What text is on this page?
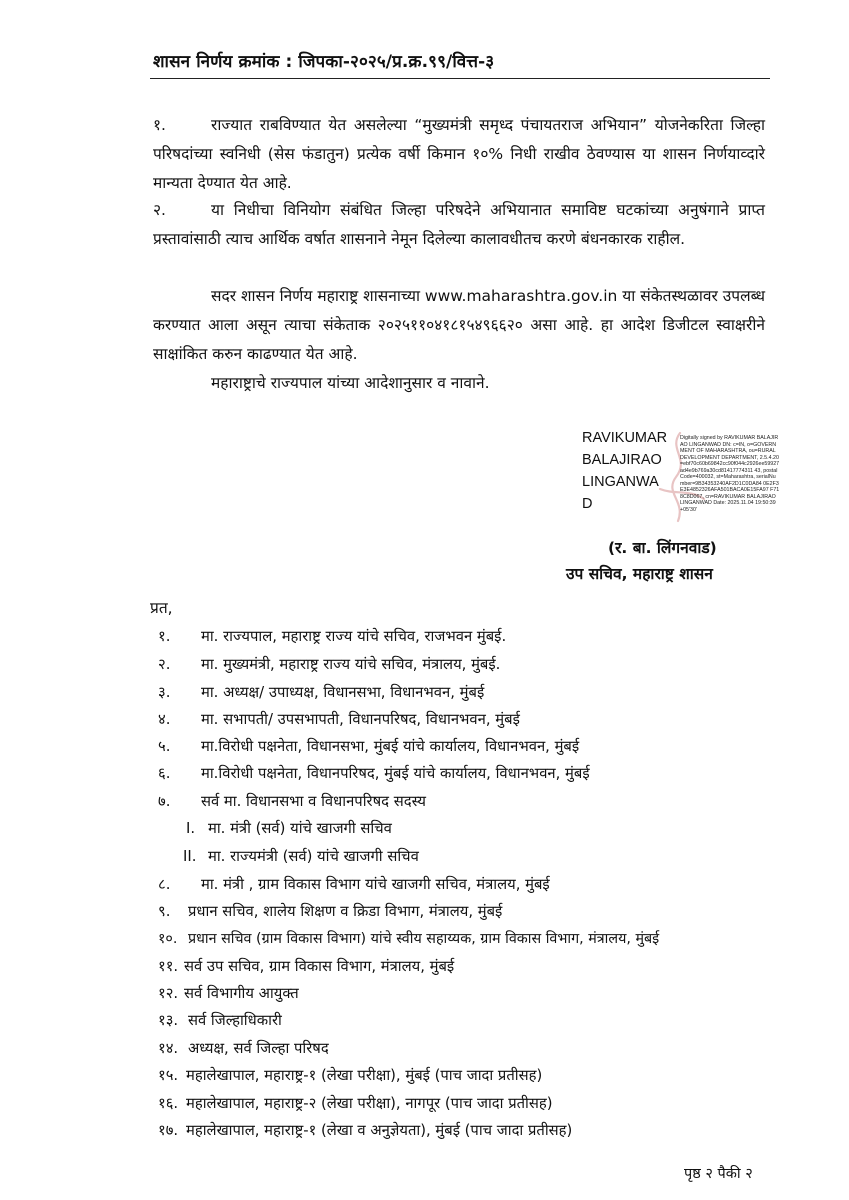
शासन निर्णय क्रमांक : जिपका-२०२५/प्र.क्र.९९/वित्त-३
१.	राज्यात राबविण्यात येत असलेल्या “मुख्यमंत्री समृध्द पंचायतराज अभियान” योजनेकरिता जिल्हा परिषदांच्या स्वनिधी (सेस फंडातुन) प्रत्येक वर्षी किमान १०% निधी राखीव ठेवण्यास या शासन निर्णयाव्दारे मान्यता देण्यात येत आहे.
२.	या निधीचा विनियोग संबंधित जिल्हा परिषदेने अभियानात समाविष्ट घटकांच्या अनुषंगाने प्राप्त प्रस्तावांसाठी त्याच आर्थिक वर्षात शासनाने नेमून दिलेल्या कालावधीतच करणे बंधनकारक राहील.
सदर शासन निर्णय महाराष्ट्र शासनाच्या www.maharashtra.gov.in या संकेतस्थळावर उपलब्ध करण्यात आला असून त्याचा संकेताक २०२५११०४१८१५४९६६२० असा आहे. हा आदेश डिजीटल स्वाक्षरीने साक्षांकित करुन काढण्यात येत आहे.
महाराष्ट्राचे राज्यपाल यांच्या आदेशानुसार व नावाने.
RAVIKUMAR
BALAJIRAO
LINGANWA
D
Digitally signed by RAVIKUMAR BALAJIRAO LINGANWAD DN: c=IN, o=GOVERNMENT OF MAHARASHTRA, ou=RURAL DEVELOPMENT DEPARTMENT, 2.5.4.20=ebf70c60b69842cc90f044c2926ee59927ad4e9b769a30cd81417774311 43, postalCode=400032, st=Maharashtra, serialNumber=9B34353240AF2D1C0DA84 0E2F3E3E4852326AFA501BACA0E15FA97 F718C8D067, cn=RAVIKUMAR BALAJIRAO LINGANWAD Date: 2025.11.04 19:50:39 +05'30'
(र. बा. लिंगनवाड)
उप सचिव, महाराष्ट्र शासन
प्रत,
१. मा. राज्यपाल, महाराष्ट्र राज्य यांचे सचिव, राजभवन मुंबई.
२. मा. मुख्यमंत्री, महाराष्ट्र राज्य यांचे सचिव, मंत्रालय, मुंबई.
३. मा. अध्यक्ष/ उपाध्यक्ष, विधानसभा, विधानभवन, मुंबई
४. मा. सभापती/ उपसभापती, विधानपरिषद, विधानभवन, मुंबई
५. मा.विरोधी पक्षनेता, विधानसभा, मुंबई यांचे कार्यालय, विधानभवन, मुंबई
६. मा.विरोधी पक्षनेता, विधानपरिषद, मुंबई यांचे कार्यालय, विधानभवन, मुंबई
७. सर्व मा. विधानसभा व विधानपरिषद सदस्य
I. मा. मंत्री (सर्व) यांचे खाजगी सचिव
II. मा. राज्यमंत्री (सर्व) यांचे खाजगी सचिव
८. मा. मंत्री , ग्राम विकास विभाग यांचे खाजगी सचिव, मंत्रालय, मुंबई
९. प्रधान सचिव, शालेय शिक्षण व क्रिडा विभाग, मंत्रालय, मुंबई
१०. प्रधान सचिव (ग्राम विकास विभाग) यांचे स्वीय सहाय्यक, ग्राम विकास विभाग, मंत्रालय, मुंबई
११. सर्व उप सचिव, ग्राम विकास विभाग, मंत्रालय, मुंबई
१२. सर्व विभागीय आयुक्त
१३. सर्व जिल्हाधिकारी
१४. अध्यक्ष, सर्व जिल्हा परिषद
१५. महालेखापाल, महाराष्ट्र-१ (लेखा परीक्षा), मुंबई (पाच जादा प्रतीसह)
१६. महालेखापाल, महाराष्ट्र-२ (लेखा परीक्षा), नागपूर (पाच जादा प्रतीसह)
१७. महालेखापाल, महाराष्ट्र-१ (लेखा व अनुज्ञेयता), मुंबई (पाच जादा प्रतीसह)
पृष्ठ २ पैकी २
